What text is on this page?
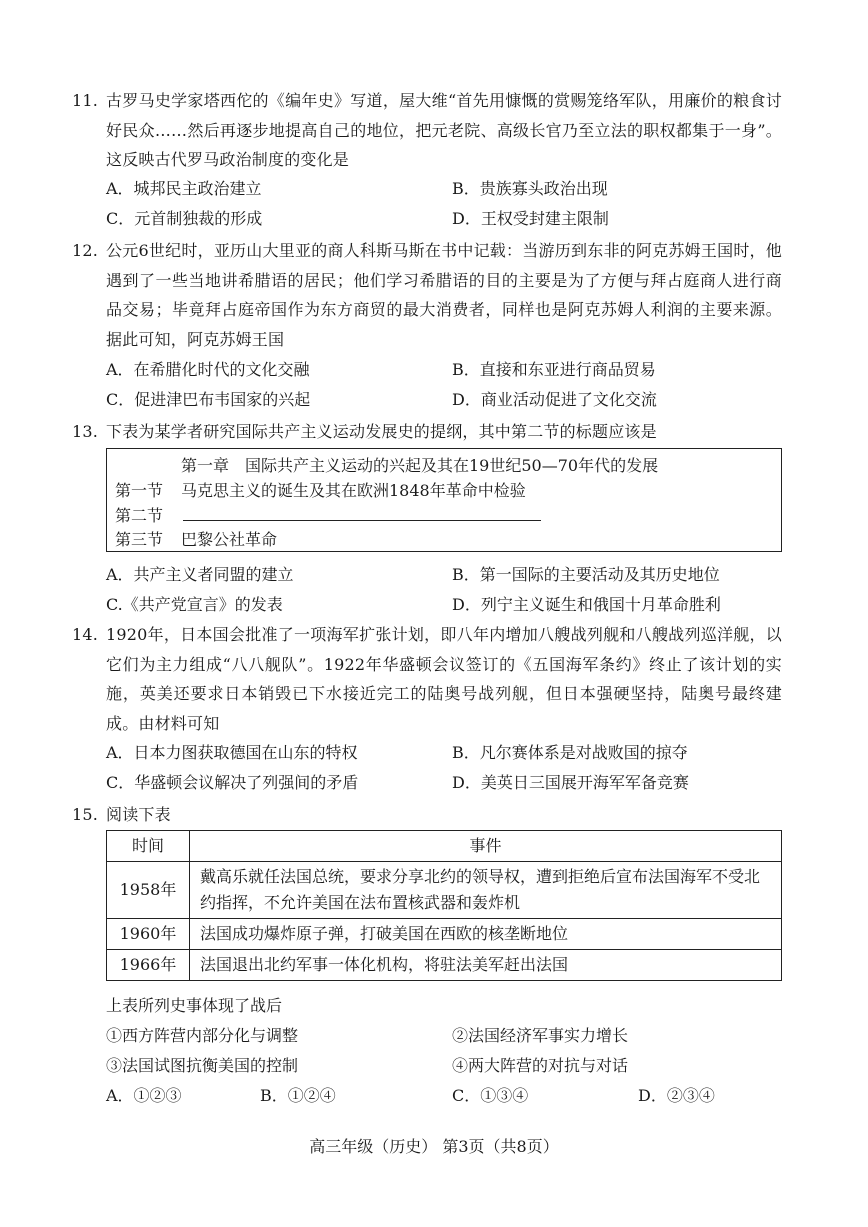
11. 古罗马史学家塔西佗的《编年史》写道，屋大维“首先用慷慨的赏赐笼络军队，用廉价的粮食讨好民众……然后再逐步地提高自己的地位，把元老院、高级长官乃至立法的职权都集于一身”。这反映古代罗马政治制度的变化是
A．城邦民主政治建立	B．贵族寡头政治出现
C．元首制独裁的形成	D．王权受封建主限制
12. 公元6世纪时，亚历山大里亚的商人科斯马斯在书中记载：当游历到东非的阿克苏姆王国时，他遇到了一些当地讲希腊语的居民；他们学习希腊语的目的主要是为了方便与拜占庭商人进行商品交易；毕竟拜占庭帝国作为东方商贸的最大消费者，同样也是阿克苏姆人利润的主要来源。据此可知，阿克苏姆王国
A．在希腊化时代的文化交融	B．直接和东亚进行商品贸易
C．促进津巴布韦国家的兴起	D．商业活动促进了文化交流
13. 下表为某学者研究国际共产主义运动发展史的提纲，其中第二节的标题应该是
第一章　国际共产主义运动的兴起及其在19世纪50—70年代的发展
第一节 马克思主义的诞生及其在欧洲1848年革命中检验
第二节
第三节 巴黎公社革命
A．共产主义者同盟的建立	B．第一国际的主要活动及其历史地位
C.《共产党宣言》的发表	D．列宁主义诞生和俄国十月革命胜利
14. 1920年，日本国会批准了一项海军扩张计划，即八年内增加八艘战列舰和八艘战列巡洋舰，以它们为主力组成“八八舰队”。1922年华盛顿会议签订的《五国海军条约》终止了该计划的实施，英美还要求日本销毁已下水接近完工的陆奥号战列舰，但日本强硬坚持，陆奥号最终建成。由材料可知
A．日本力图获取德国在山东的特权	B．凡尔赛体系是对战败国的掠夺
C．华盛顿会议解决了列强间的矛盾	D．美英日三国展开海军军备竞赛
15. 阅读下表
时间	事件
1958年	戴高乐就任法国总统，要求分享北约的领导权，遭到拒绝后宣布法国海军不受北约指挥，不允许美国在法布置核武器和轰炸机
1960年	法国成功爆炸原子弹，打破美国在西欧的核垄断地位
1966年	法国退出北约军事一体化机构，将驻法美军赶出法国
上表所列史事体现了战后
①西方阵营内部分化与调整	②法国经济军事实力增长
③法国试图抗衡美国的控制	④两大阵营的对抗与对话
A．①②③	B．①②④	C．①③④	D．②③④
高三年级（历史） 第3页（共8页）
